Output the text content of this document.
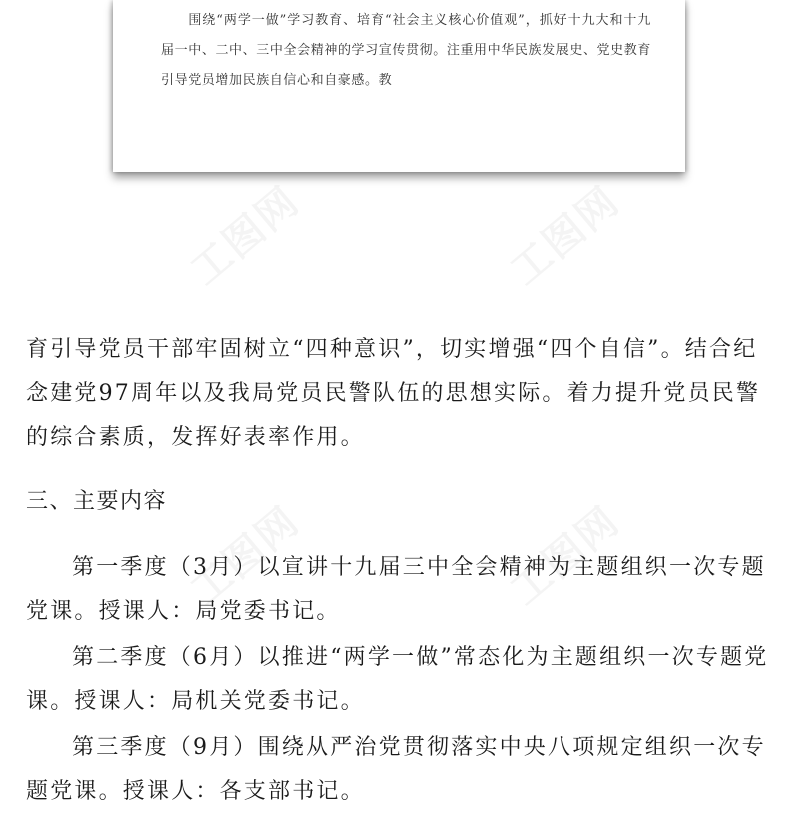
围绕“两学一做”学习教育、培育“社会主义核心价值观”，抓好十九大和十九届一中、二中、三中全会精神的学习宣传贯彻。注重用中华民族发展史、党史教育引导党员增加民族自信心和自豪感。教

育引导党员干部牢固树立“四种意识”，切实增强“四个自信”。结合纪念建党97周年以及我局党员民警队伍的思想实际。着力提升党员民警的综合素质，发挥好表率作用。

三、主要内容

第一季度（3月）以宣讲十九届三中全会精神为主题组织一次专题党课。授课人：局党委书记。

第二季度（6月）以推进“两学一做”常态化为主题组织一次专题党课。授课人：局机关党委书记。

第三季度（9月）围绕从严治党贯彻落实中央八项规定组织一次专题党课。授课人：各支部书记。
